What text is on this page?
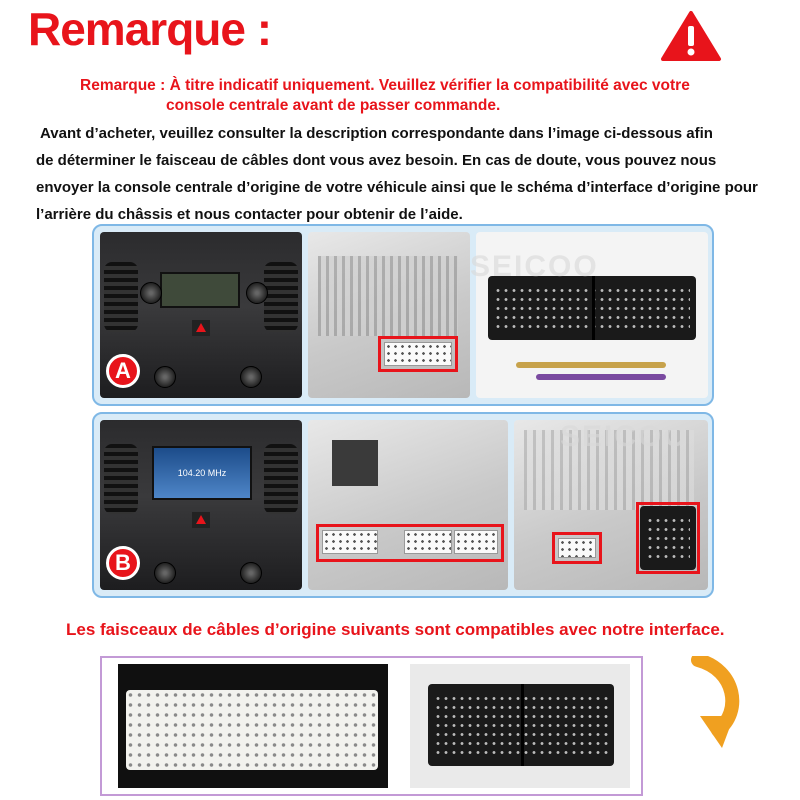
Remarque :
Remarque : À titre indicatif uniquement. Veuillez vérifier la compatibilité avec votre
console centrale avant de passer commande.
Avant d’acheter, veuillez consulter la description correspondante dans l’image ci-dessous afin
de déterminer le faisceau de câbles dont vous avez besoin. En cas de doute, vous pouvez nous
envoyer la console centrale d’origine de votre véhicule ainsi que le schéma d’interface d’origine pour
l’arrière du châssis et nous contacter pour obtenir de l’aide.
A
104.20 MHz
B
Les faisceaux de câbles d’origine suivants sont compatibles avec notre interface.
SEICOO
SEICOO
